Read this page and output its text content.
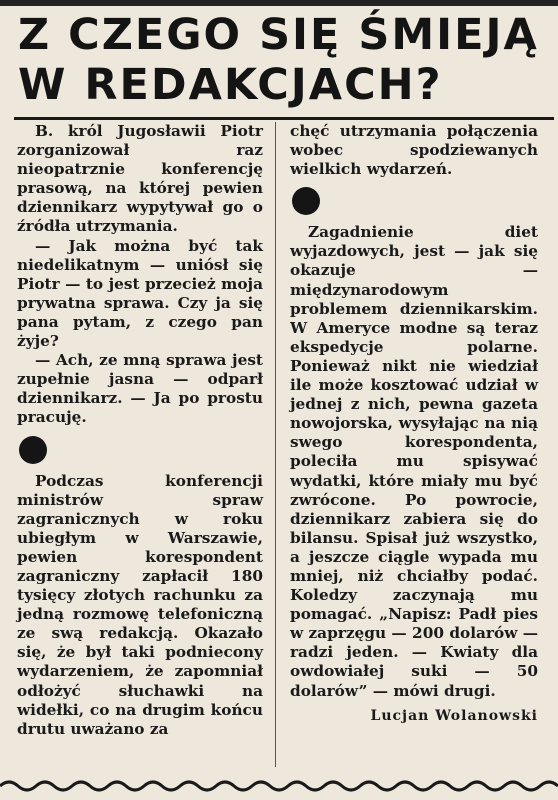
Z CZEGO SIĘ ŚMIEJĄ
W REDAKCJACH?

B. król Jugosławii Piotr zorganizował raz nieopatrznie konferencję prasową, na której pewien dziennikarz wypytywał go o źródła utrzymania.

— Jak można być tak niedelikatnym — uniósł się Piotr — to jest przecież moja prywatna sprawa. Czy ja się pana pytam, z czego pan żyje?

— Ach, ze mną sprawa jest zupełnie jasna — odparł dziennikarz. — Ja po prostu pracuję.

Podczas konferencji ministrów spraw zagranicznych w roku ubiegłym w Warszawie, pewien korespondent zagraniczny zapłacił 180 tysięcy złotych rachunku za jedną rozmowę telefoniczną ze swą redakcją. Okazało się, że był taki podniecony wydarzeniem, że zapomniał odłożyć słuchawki na widełki, co na drugim końcu drutu uważano za

chęć utrzymania połączenia wobec spodziewanych wielkich wydarzeń.

Zagadnienie diet wyjazdowych, jest — jak się okazuje — międzynarodowym problemem dziennikarskim. W Ameryce modne są teraz ekspedycje polarne. Ponieważ nikt nie wiedział ile może kosztować udział w jednej z nich, pewna gazeta nowojorska, wysyłając na nią swego korespondenta, poleciła mu spisywać wydatki, które miały mu być zwrócone. Po powrocie, dziennikarz zabiera się do bilansu. Spisał już wszystko, a jeszcze ciągle wypada mu mniej, niż chciałby podać. Koledzy zaczynają mu pomagać. „Napisz: Padł pies w zaprzęgu — 200 dolarów — radzi jeden. — Kwiaty dla owdowiałej suki — 50 dolarów” — mówi drugi.

Lucjan Wolanowski
